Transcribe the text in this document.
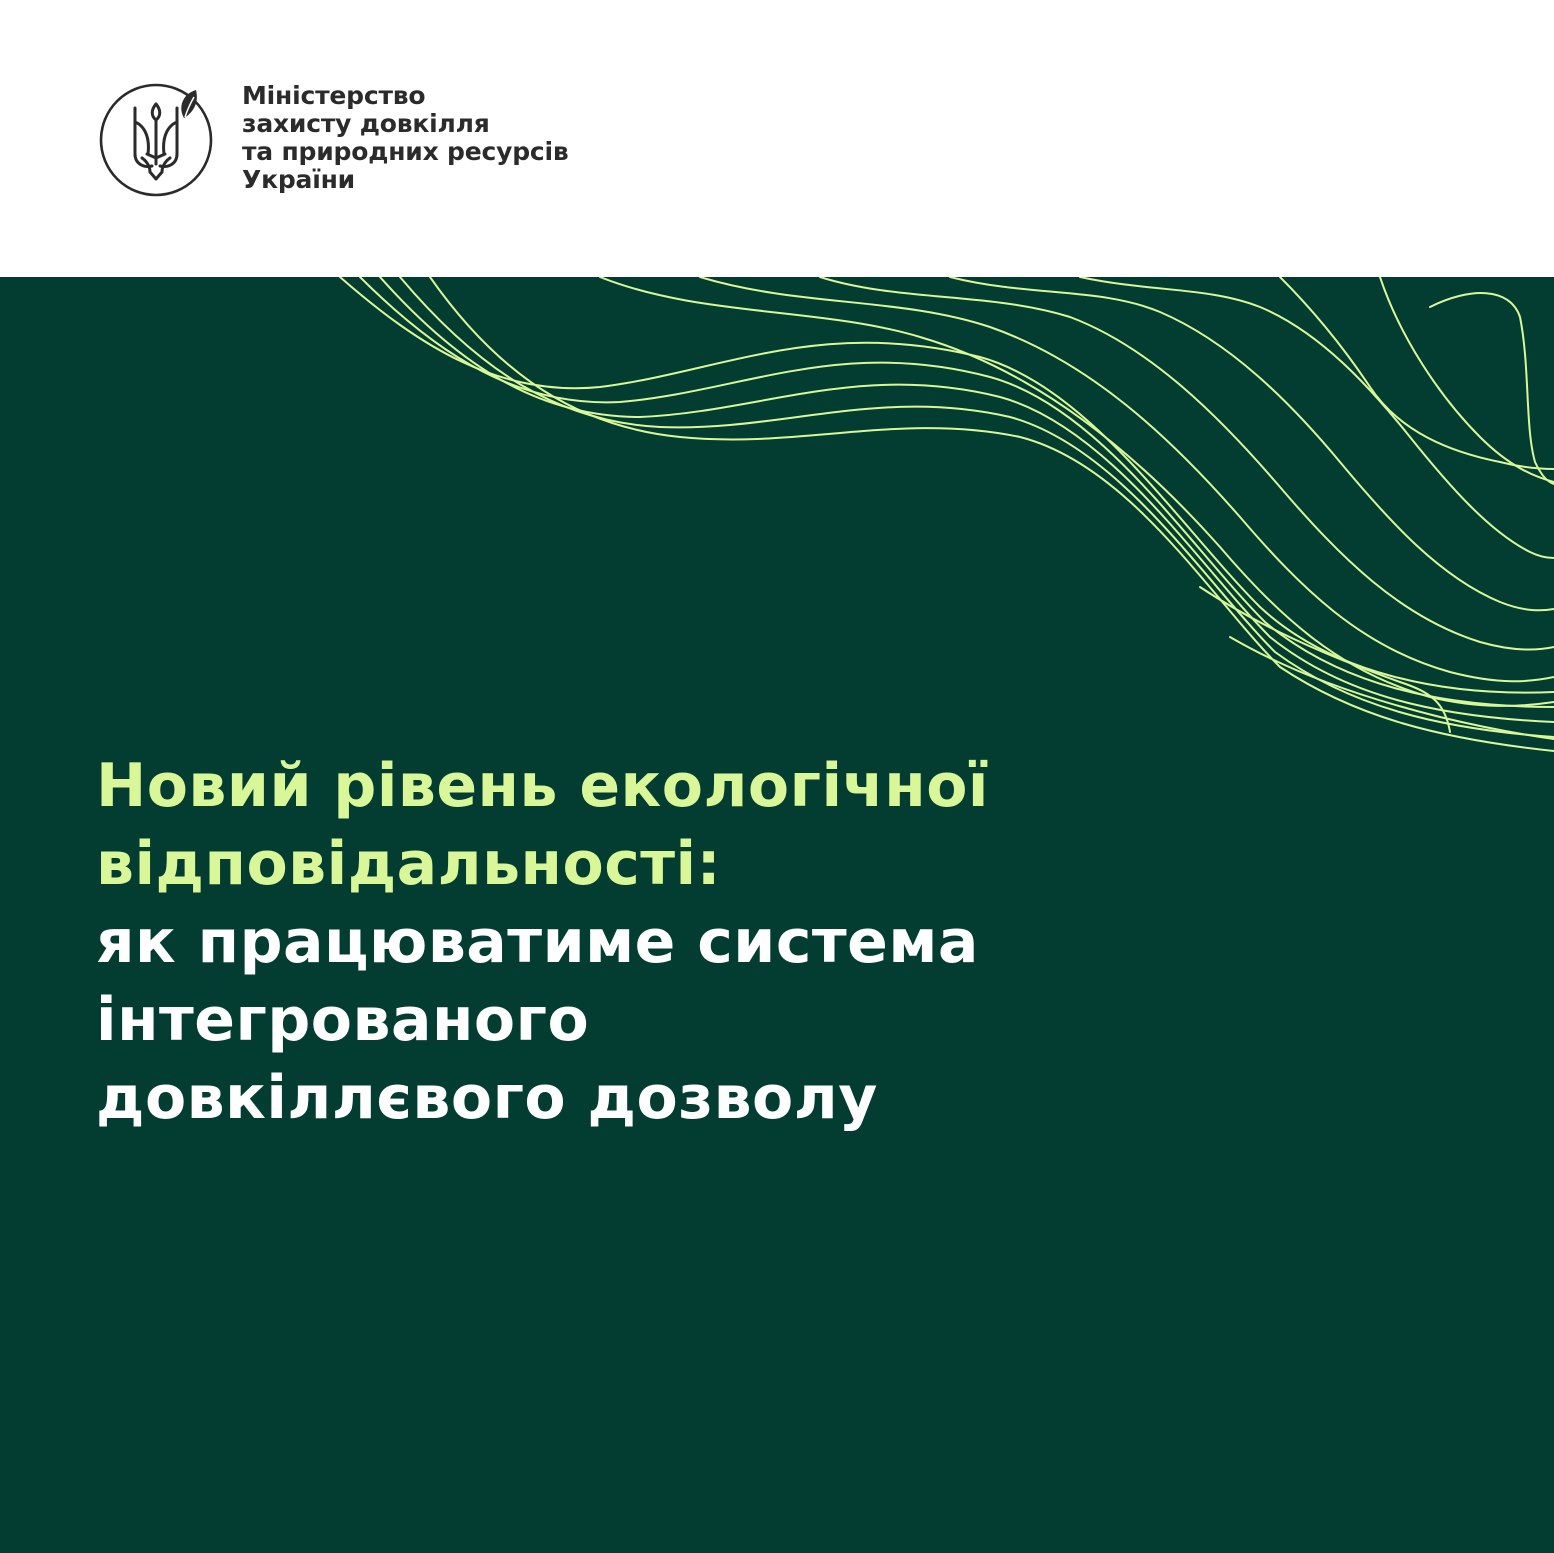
Міністерство
захисту довкілля
та природних ресурсів
України
Новий рівень екологічної
відповідальності:
як працюватиме система
інтегрованого
довкіллєвого дозволу
